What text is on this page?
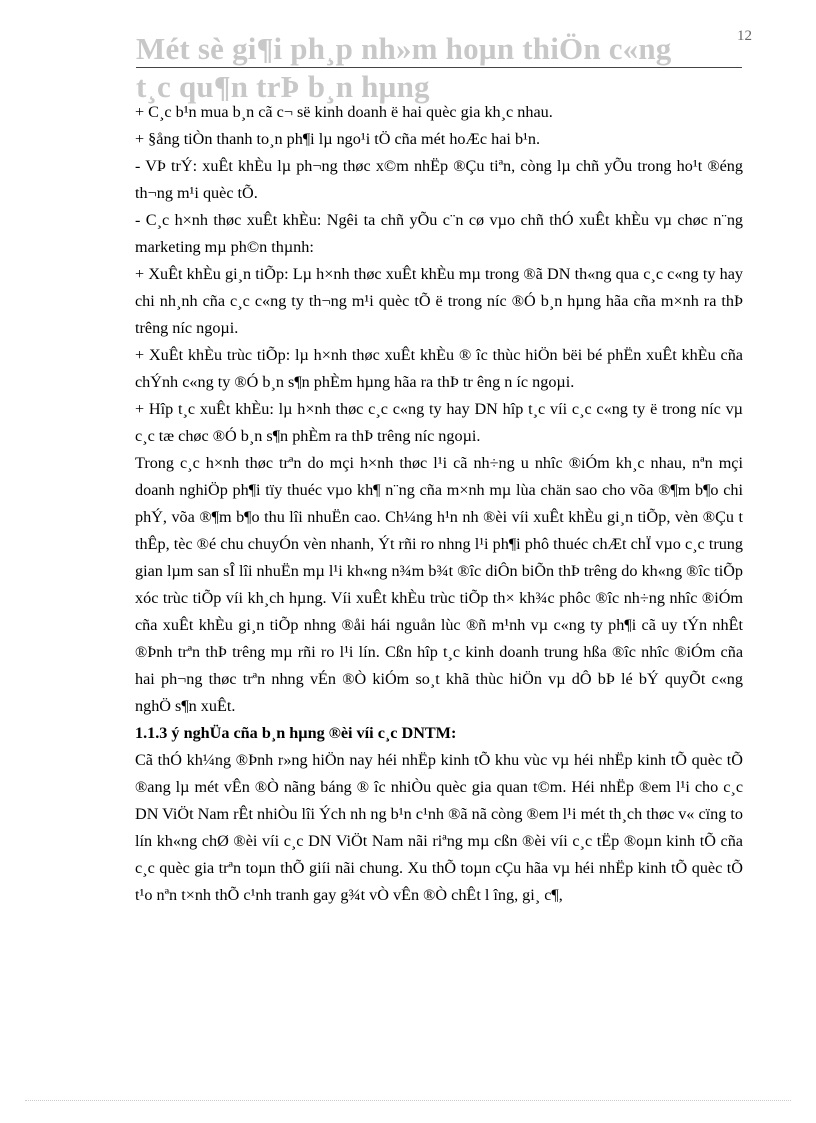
12
Mét sè gi¶i ph¸p nh»m hoµn thiÖn c«ng
t¸c qu¶n trÞ b¸n hµng

+ C¸c b¹n mua b¸n cã c¬ së kinh doanh ë hai quèc gia kh¸c nhau.

+ §ång tiÒn thanh to¸n ph¶i lµ ngo¹i tÖ cña mét hoÆc hai b¹n.

- VÞ trÝ: xuÊt khÈu lµ ph¬ng thøc x©m nhËp ®Çu tiªn, còng lµ chñ yÕu trong ho¹t ®éng th¬ng m¹i quèc tÕ.

- C¸c h×nh thøc xuÊt khÈu: Ngêi ta chñ yÕu c¨n cø vµo chñ thÓ xuÊt khÈu vµ chøc n¨ng marketing mµ ph©n thµnh:

+ XuÊt khÈu gi¸n tiÕp: Lµ h×nh thøc xuÊt khÈu mµ trong ®ã DN th«ng qua c¸c c«ng ty hay chi nh¸nh cña c¸c c«ng ty th¬ng m¹i quèc tÕ ë trong níc ®Ó b¸n hµng hãa cña m×nh ra thÞ trêng níc ngoµi.

+ XuÊt khÈu trùc tiÕp: lµ h×nh thøc xuÊt khÈu ® îc thùc hiÖn bëi bé phËn xuÊt khÈu cña chÝnh c«ng ty ®Ó b¸n s¶n phÈm hµng hãa ra thÞ tr êng n íc ngoµi.

+ Hîp t¸c xuÊt khÈu: lµ h×nh thøc c¸c c«ng ty hay DN hîp t¸c víi c¸c c«ng ty ë trong níc vµ c¸c tæ chøc ®Ó b¸n s¶n phÈm ra thÞ trêng níc ngoµi.

Trong c¸c h×nh thøc trªn do mçi h×nh thøc l¹i cã nh÷ng u nhîc ®iÓm kh¸c nhau, nªn mçi doanh nghiÖp ph¶i tïy thuéc vµo kh¶ n¨ng cña m×nh mµ lùa chän sao cho võa ®¶m b¶o chi phÝ, võa ®¶m b¶o thu lîi nhuËn cao. Ch¼ng h¹n nh ®èi víi xuÊt khÈu gi¸n tiÕp, vèn ®Çu t thÊp, tèc ®é chu chuyÓn vèn nhanh, Ýt rñi ro nhng l¹i ph¶i phô thuéc chÆt chÏ vµo c¸c trung gian lµm san sÎ lîi nhuËn mµ l¹i kh«ng n¾m b¾t ®îc diÔn biÕn thÞ trêng do kh«ng ®îc tiÕp xóc trùc tiÕp víi kh¸ch hµng. Víi xuÊt khÈu trùc tiÕp th× kh¾c phôc ®îc nh÷ng nhîc ®iÓm cña xuÊt khÈu gi¸n tiÕp nhng ®åi hái nguån lùc ®ñ m¹nh vµ c«ng ty ph¶i cã uy tÝn nhÊt ®Þnh trªn thÞ trêng mµ rñi ro l¹i lín. Cßn hîp t¸c kinh doanh trung hßa ®îc nhîc ®iÓm cña hai ph¬ng thøc trªn nhng vÉn ®Ò kiÓm so¸t khã thùc hiÖn vµ dÔ bÞ lé bÝ quyÕt c«ng nghÖ s¶n xuÊt.

1.1.3 ý nghÜa cña b¸n hµng ®èi víi c¸c DNTM:

Cã thÓ kh¼ng ®Þnh r»ng hiÖn nay héi nhËp kinh tÕ khu vùc vµ héi nhËp kinh tÕ quèc tÕ ®ang lµ mét vÊn ®Ò nãng báng ® îc nhiÒu quèc gia quan t©m. Héi nhËp ®em l¹i cho c¸c DN ViÖt Nam rÊt nhiÒu lîi Ých nh ng b¹n c¹nh ®ã nã còng ®em l¹i mét th¸ch thøc v« cïng to lín kh«ng chØ ®èi víi c¸c DN ViÖt Nam nãi riªng mµ cßn ®èi víi c¸c tËp ®oµn kinh tÕ cña c¸c quèc gia trªn toµn thÕ giíi nãi chung. Xu thÕ toµn cÇu hãa vµ héi nhËp kinh tÕ quèc tÕ t¹o nªn t×nh thÕ c¹nh tranh gay g¾t vÒ vÊn ®Ò chÊt l îng, gi¸ c¶,
